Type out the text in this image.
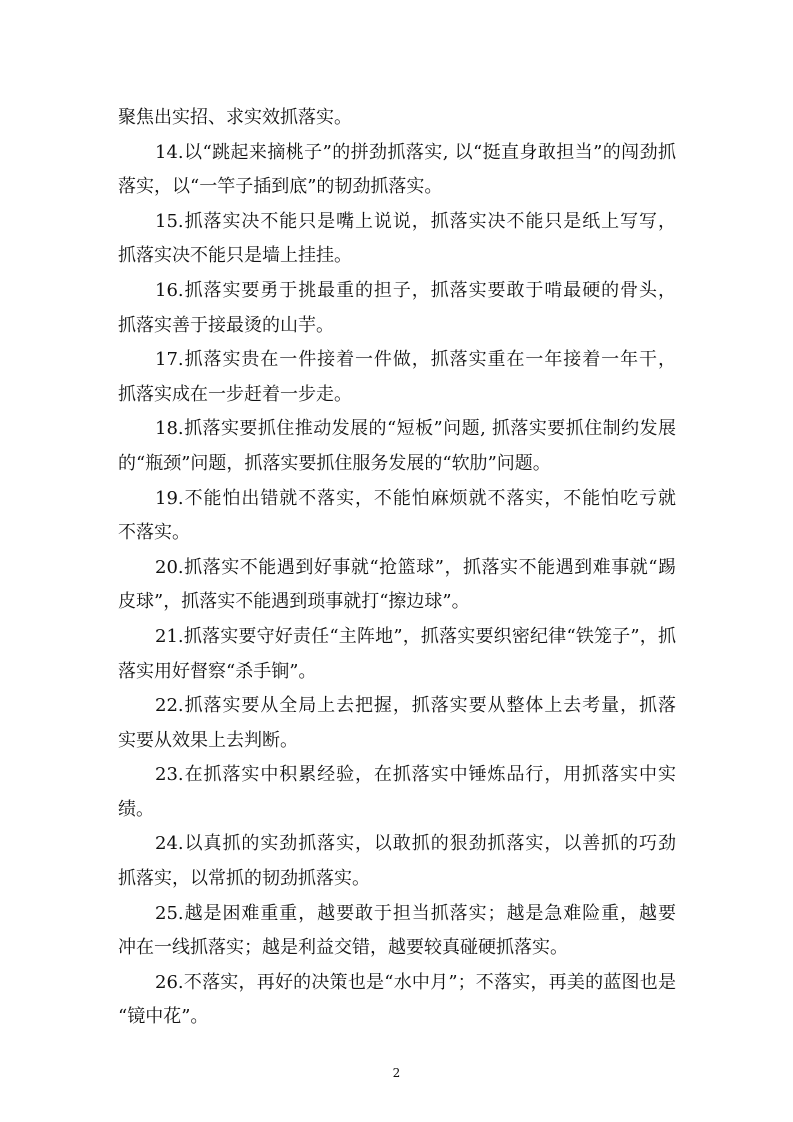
聚焦出实招、求实效抓落实。
14.以“跳起来摘桃子”的拼劲抓落实, 以“挺直身敢担当”的闯劲抓
落实，以“一竿子插到底”的韧劲抓落实。
15.抓落实决不能只是嘴上说说，抓落实决不能只是纸上写写，
抓落实决不能只是墙上挂挂。
16.抓落实要勇于挑最重的担子，抓落实要敢于啃最硬的骨头，
抓落实善于接最烫的山芋。
17.抓落实贵在一件接着一件做，抓落实重在一年接着一年干，
抓落实成在一步赶着一步走。
18.抓落实要抓住推动发展的“短板”问题, 抓落实要抓住制约发展
的“瓶颈”问题，抓落实要抓住服务发展的“软肋”问题。
19.不能怕出错就不落实，不能怕麻烦就不落实，不能怕吃亏就
不落实。
20.抓落实不能遇到好事就“抢篮球”，抓落实不能遇到难事就“踢
皮球”，抓落实不能遇到琐事就打“擦边球”。
21.抓落实要守好责任“主阵地”，抓落实要织密纪律“铁笼子”，抓
落实用好督察“杀手锏”。
22.抓落实要从全局上去把握，抓落实要从整体上去考量，抓落
实要从效果上去判断。
23.在抓落实中积累经验，在抓落实中锤炼品行，用抓落实中实
绩。
24.以真抓的实劲抓落实，以敢抓的狠劲抓落实，以善抓的巧劲
抓落实，以常抓的韧劲抓落实。
25.越是困难重重，越要敢于担当抓落实；越是急难险重，越要
冲在一线抓落实；越是利益交错，越要较真碰硬抓落实。
26.不落实，再好的决策也是“水中月”；不落实，再美的蓝图也是
“镜中花”。
2
